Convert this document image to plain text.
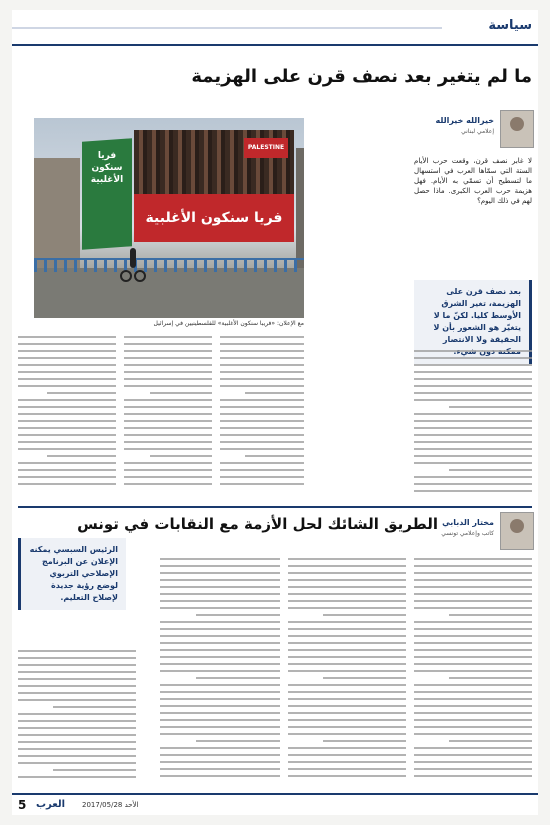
سياسة
ما لم يتغير بعد نصف قرن على الهزيمة
خيرالله خيرالله
إعلامي لبناني
لا غابر نصف قرن، وقعت حرب الأيام الستة التي سمّاها العرب في استسهال ما لتسطيح أن تسمّي به الأيام. فهل هزيمة حرب العرب الكبرى. ماذا حصل لهم في ذلك اليوم؟
بعد نصف قرن على الهزيمة، تغير الشرق الأوسط كليا. لكنّ ما لا يتغيّر هو الشعور بأن لا الحقيقة ولا الانتصار
فريا سنكون الأغلبية
PALESTINE
فريا سنكون الأغلبية
مع الإعلان: «فريبا سنكون الأغلبية» للفلسطينيين في إسرائيل
الطريق الشائك لحل الأزمة مع النقابات في تونس مختار الدبابي
كاتب وإعلامي تونسي
الرئيس السبسي يمكنه الإعلان عن البرنامج الإصلاحي التربوي لوضع رؤية جديدة لإصلاح التعليم.
5 العرب الأحد 2017/05/28
